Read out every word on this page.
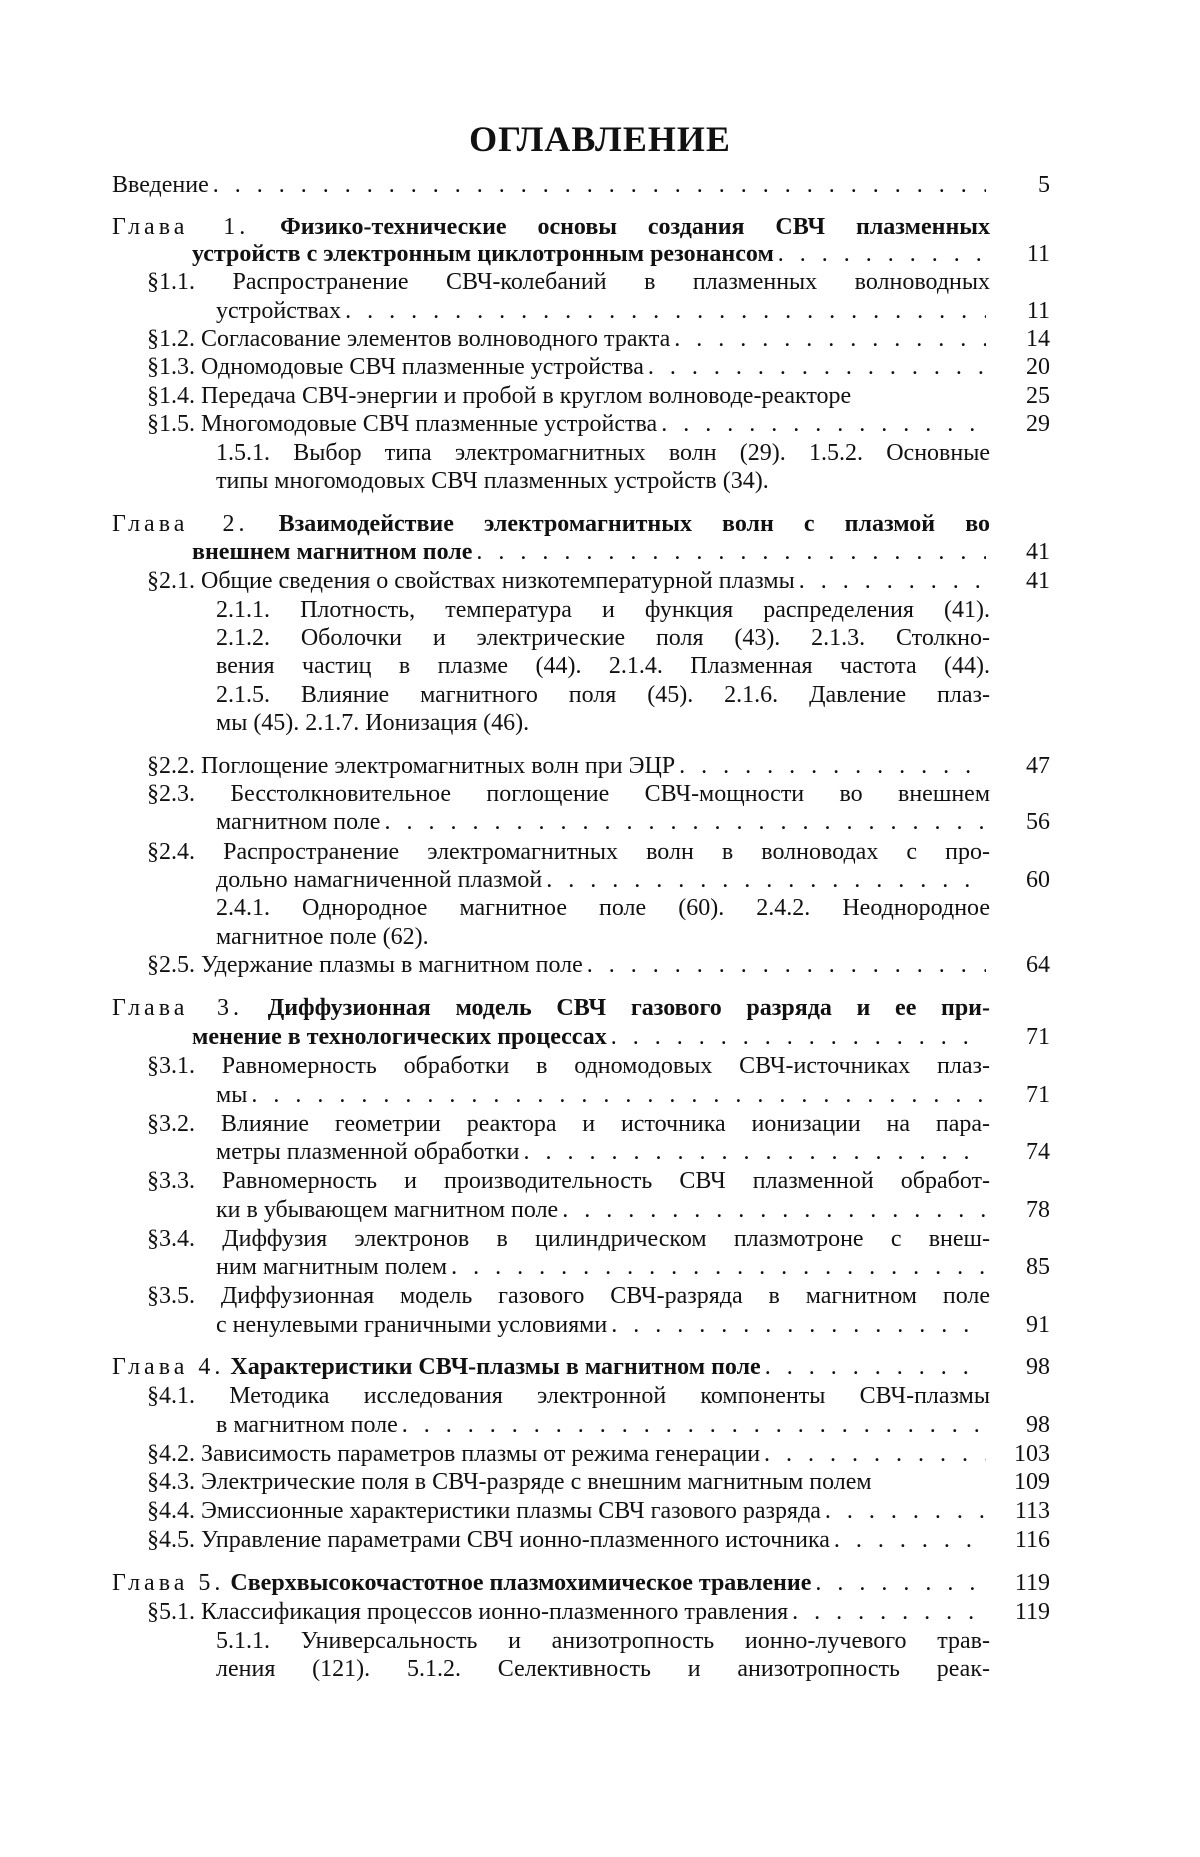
ОГЛАВЛЕНИЕ
Введение . . .	5
Глава 1. Физико-технические основы создания СВЧ плазменных
устройств с электронным циклотронным резонансом . . .	11
§1.1. Распространение СВЧ-колебаний в плазменных волноводных
устройствах . . .	11
§1.2.
Согласование элементов волноводного тракта . . .	14
§1.3.
Одномодовые СВЧ плазменные устройства . . .	20
§1.4.
Передача СВЧ-энергии и пробой в круглом волноводе-реакторе	25
§1.5.
Многомодовые СВЧ плазменные устройства . . .	29
1.5.1. Выбор типа электромагнитных волн (29). 1.5.2. Основные
типы многомодовых СВЧ плазменных устройств (34).
Глава 2. Взаимодействие электромагнитных волн с плазмой во
внешнем магнитном поле . . .	41
§2.1.
Общие сведения о свойствах низкотемпературной плазмы . . .	41
2.1.1. Плотность, температура и функция распределения (41).
2.1.2. Оболочки и электрические поля (43). 2.1.3. Столкно-
вения частиц в плазме (44). 2.1.4. Плазменная частота (44).
2.1.5. Влияние магнитного поля (45). 2.1.6. Давление плаз-
мы (45). 2.1.7. Ионизация (46).
§2.2.
Поглощение электромагнитных волн при ЭЦР . . .	47
§2.3. Бесстолкновительное поглощение СВЧ-мощности во внешнем
магнитном поле . . .	56
§2.4. Распространение электромагнитных волн в волноводах с про-
дольно намагниченной плазмой . . .	60
2.4.1. Однородное магнитное поле (60). 2.4.2. Неоднородное
магнитное поле (62).
§2.5.
Удержание плазмы в магнитном поле . . .	64
Глава 3. Диффузионная модель СВЧ газового разряда и ее при-
менение в технологических процессах . . .	71
§3.1. Равномерность обработки в одномодовых СВЧ-источниках плаз-
мы . . .	71
§3.2. Влияние геометрии реактора и источника ионизации на пара-
метры плазменной обработки . . .	74
§3.3. Равномерность и производительность СВЧ плазменной обработ-
ки в убывающем магнитном поле . . .	78
§3.4. Диффузия электронов в цилиндрическом плазмотроне с внеш-
ним магнитным полем . . .	85
§3.5. Диффузионная модель газового СВЧ-разряда в магнитном поле
с ненулевыми граничными условиями . . .	91
Глава 4.
Характеристики СВЧ-плазмы в магнитном поле . . .	98
§4.1. Методика исследования электронной компоненты СВЧ-плазмы
в магнитном поле . . .	98
§4.2.
Зависимость параметров плазмы от режима генерации . . .	103
§4.3.
Электрические поля в СВЧ-разряде с внешним магнитным полем	109
§4.4.
Эмиссионные характеристики плазмы СВЧ газового разряда . . .	113
§4.5.
Управление параметрами СВЧ ионно-плазменного источника . . .	116
Глава 5.
Сверхвысокочастотное плазмохимическое травление . . .	119
§5.1.
Классификация процессов ионно-плазменного травления . . .	119
5.1.1. Универсальность и анизотропность ионно-лучевого трав-
ления (121). 5.1.2. Селективность и анизотропность реак-
